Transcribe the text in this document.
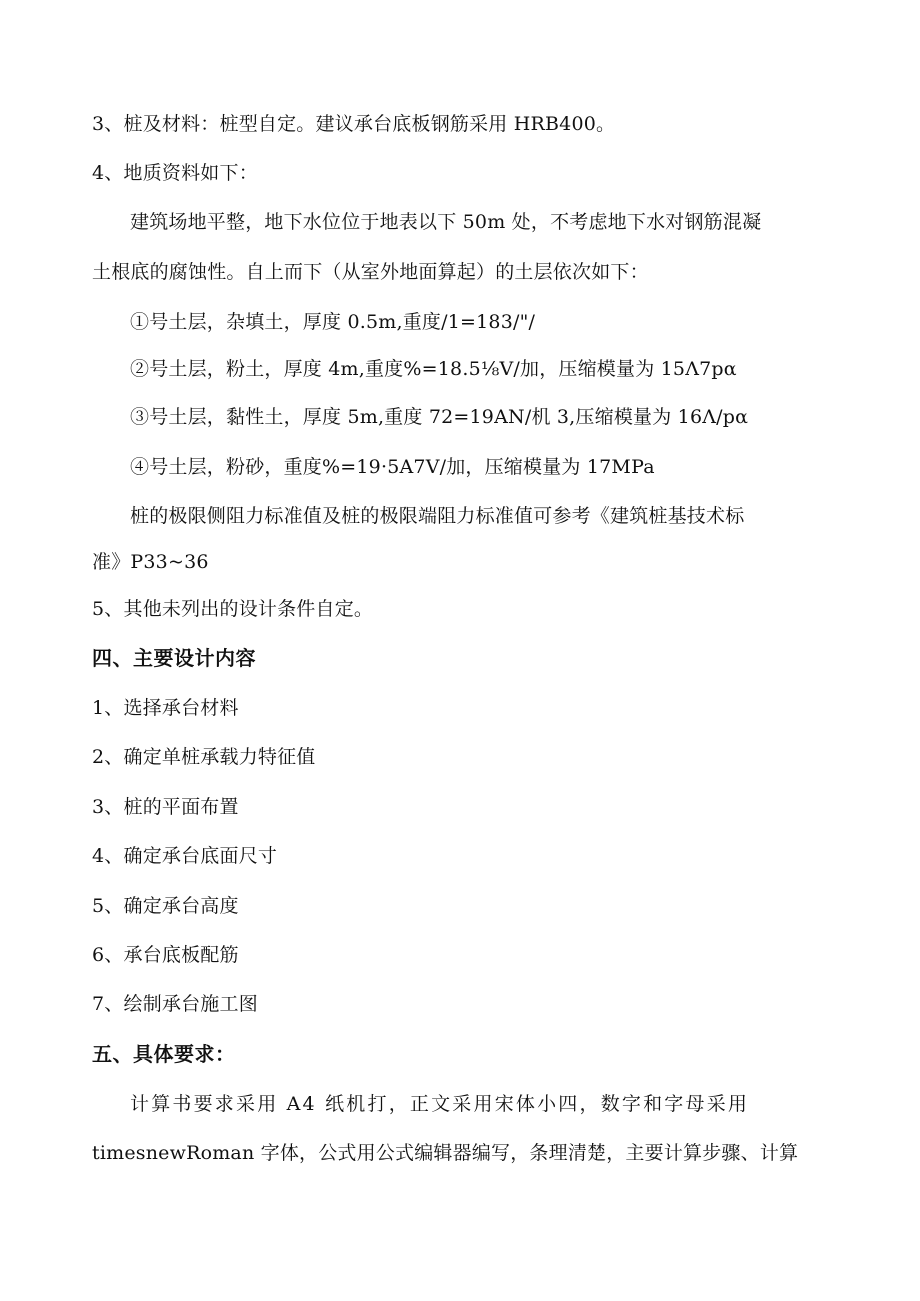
3、桩及材料：桩型自定。建议承台底板钢筋采用 HRB400。
4、地质资料如下：
建筑场地平整，地下水位位于地表以下 50m 处，不考虑地下水对钢筋混凝
土根底的腐蚀性。自上而下（从室外地面算起）的土层依次如下：
①号土层，杂填土，厚度 0.5m,重度/1=183/"/
②号土层，粉土，厚度 4m,重度%=18.5⅛V/加，压缩模量为 15Λ7pα
③号土层，黏性土，厚度 5m,重度 72=19AN/机 3,压缩模量为 16Λ/pα
④号土层，粉砂，重度%=19·5A7V/加，压缩模量为 17MPa
桩的极限侧阻力标准值及桩的极限端阻力标准值可参考《建筑桩基技术标
准》P33~36
5、其他未列出的设计条件自定。
四、主要设计内容
1、选择承台材料
2、确定单桩承载力特征值
3、桩的平面布置
4、确定承台底面尺寸
5、确定承台高度
6、承台底板配筋
7、绘制承台施工图
五、具体要求：
计算书要求采用 A4 纸机打，正文采用宋体小四，数字和字母采用
timesnewRoman 字体，公式用公式编辑器编写，条理清楚，主要计算步骤、计算
